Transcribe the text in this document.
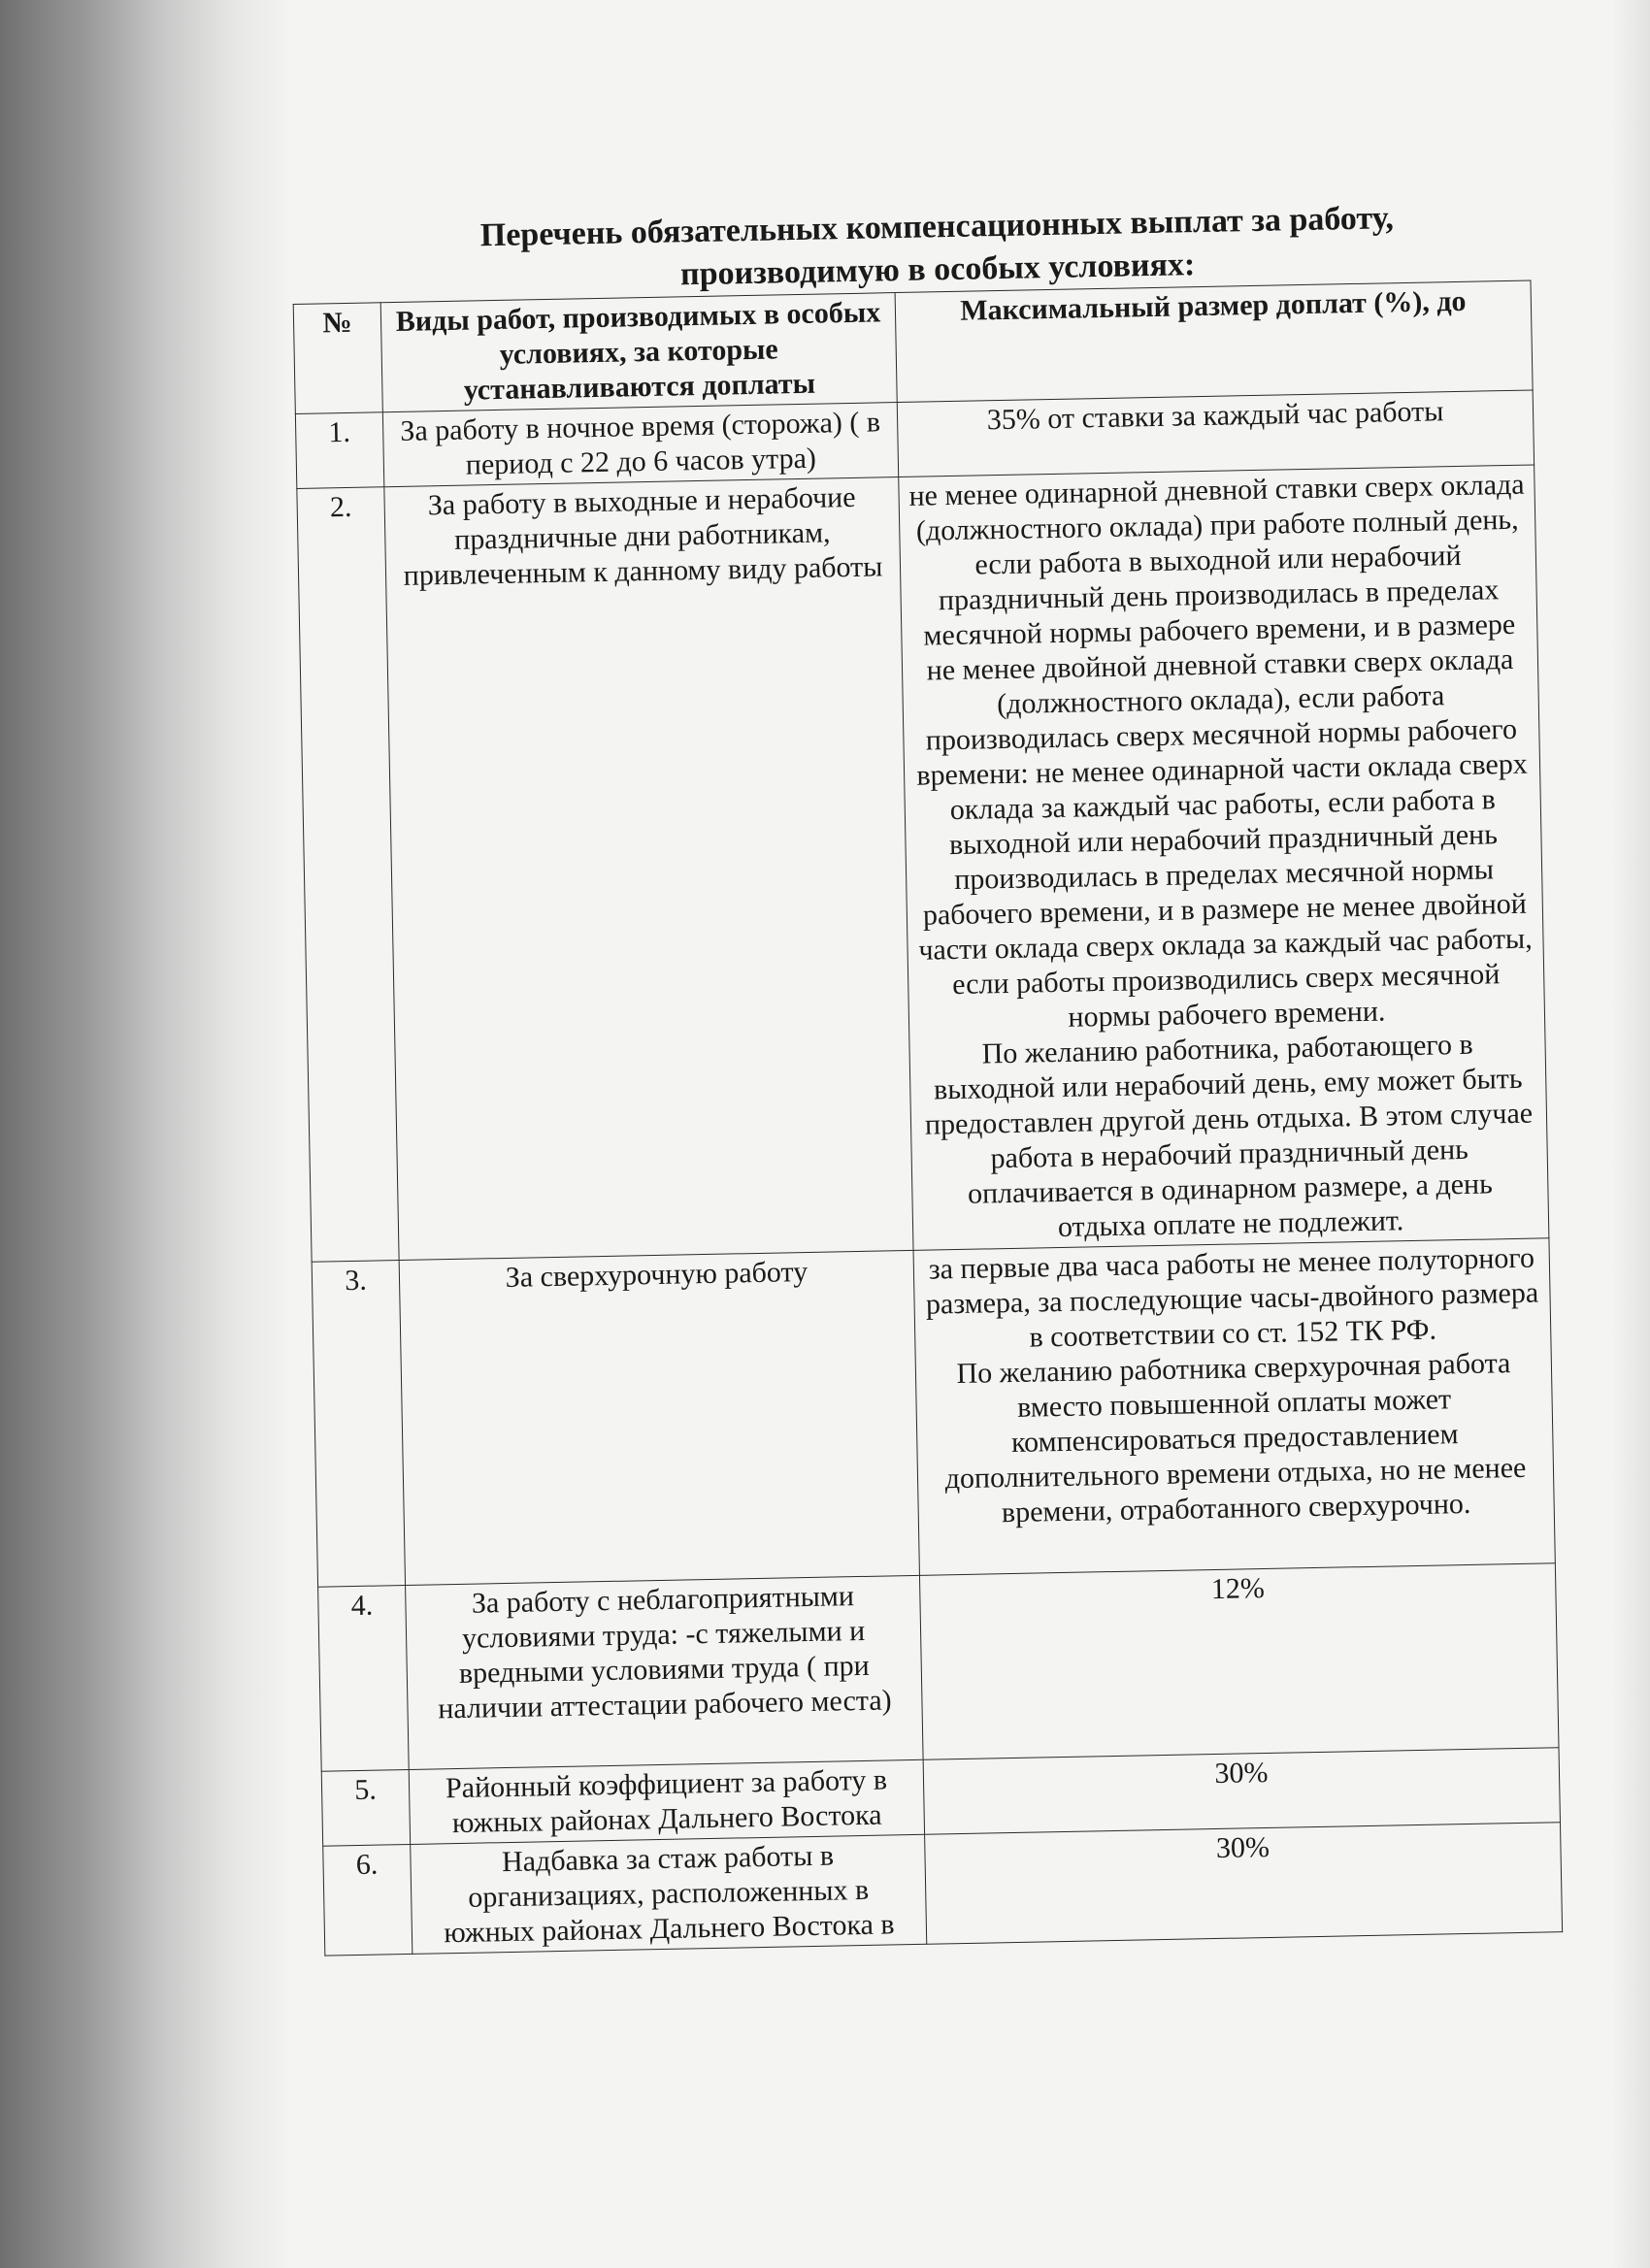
Перечень обязательных компенсационных выплат за работу,
производимую в особых условиях:
№	Виды работ, производимых в особых условиях, за которые устанавливаются доплаты	Максимальный размер доплат (%), до
1.	За работу в ночное время (сторожа) ( в период с 22 до 6 часов утра)	35% от ставки за каждый час работы

2.	За работу в выходные и нерабочие праздничные дни работникам, привлеченным к данному виду работы	не менее одинарной дневной ставки сверх оклада (должностного оклада) при работе полный день, если работа в выходной или нерабочий праздничный день производилась в пределах месячной нормы рабочего времени, и в размере не менее двойной дневной ставки сверх оклада (должностного оклада), если работа производилась сверх месячной нормы рабочего времени: не менее одинарной части оклада сверх оклада за каждый час работы, если работа в выходной или нерабочий праздничный день производилась в пределах месячной нормы рабочего времени, и в размере не менее двойной части оклада сверх оклада за каждый час работы, если работы производились сверх месячной нормы рабочего времени.

По желанию работника, работающего в выходной или нерабочий день, ему может быть предоставлен другой день отдыха. В этом случае работа в нерабочий праздничный день оплачивается в одинарном размере, а день отдыха оплате не подлежит.

3.	За сверхурочную работу	за первые два часа работы не менее полуторного размера, за последующие часы-двойного размера в соответствии со ст. 152 ТК РФ.

По желанию работника сверхурочная работа вместо повышенной оплаты может компенсироваться предоставлением дополнительного времени отдыха, но не менее времени, отработанного сверхурочно.

4.	За работу с неблагоприятными условиями труда: -с тяжелыми и вредными условиями труда ( при наличии аттестации рабочего места)	12%

5.	Районный коэффициент за работу в южных районах Дальнего Востока	30%

6.	Надбавка за стаж работы в организациях, расположенных в южных районах Дальнего Востока в	30%
